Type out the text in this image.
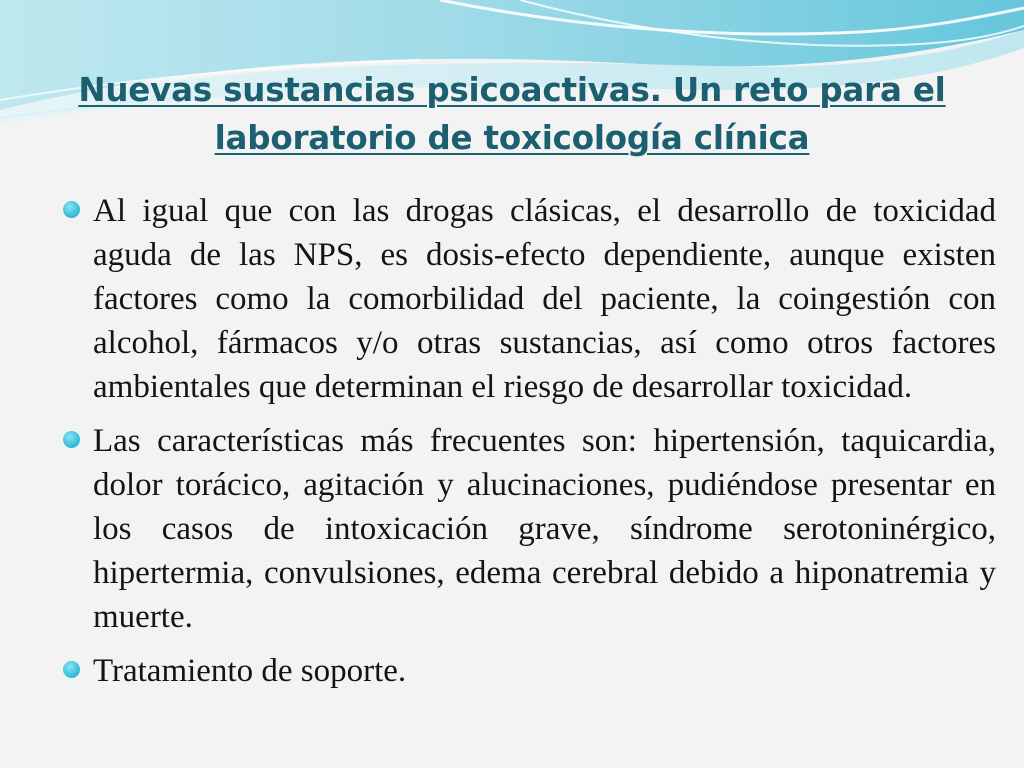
Nuevas sustancias psicoactivas. Un reto para el laboratorio de toxicología clínica
Al igual que con las drogas clásicas, el desarrollo de toxicidad aguda de las NPS, es dosis-efecto dependiente, aunque existen factores como la comorbilidad del paciente, la coingestión con alcohol, fármacos y/o otras sustancias, así como otros factores ambientales que determinan el riesgo de desarrollar toxicidad.
Las características más frecuentes son: hipertensión, taquicardia, dolor torácico, agitación y alucinaciones, pudiéndose presentar en los casos de intoxicación grave, síndrome serotoninérgico, hipertermia, convulsiones, edema cerebral debido a hiponatremia y muerte.
Tratamiento de soporte.
